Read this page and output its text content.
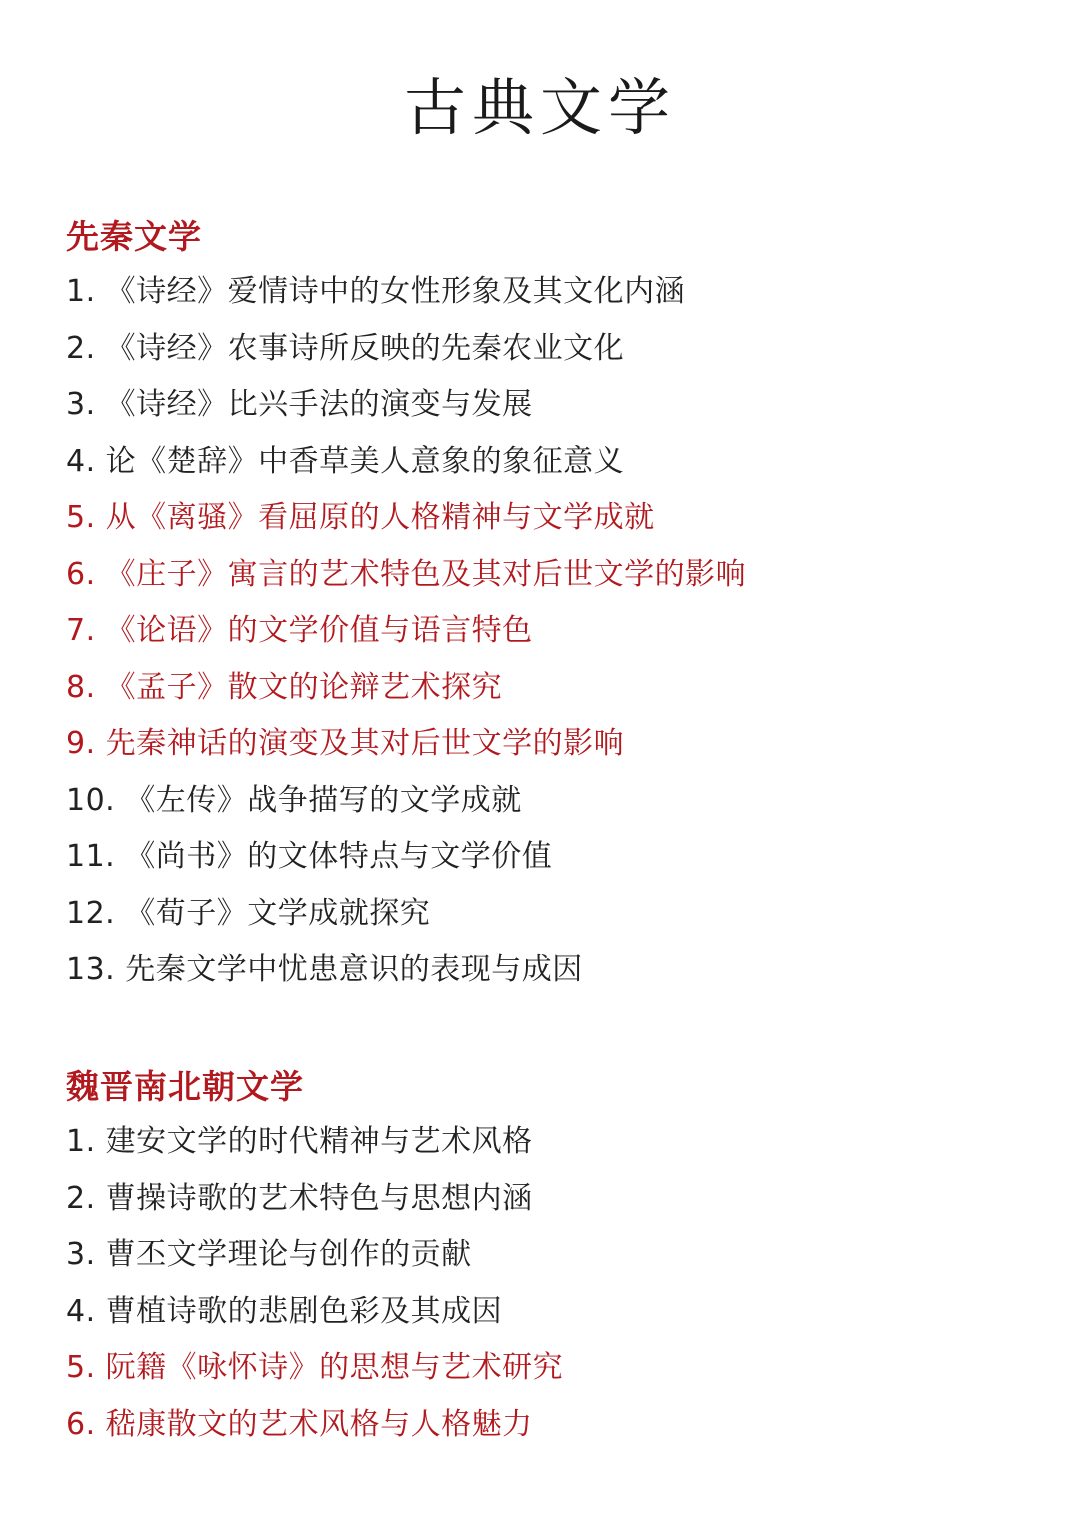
古典文学
先秦文学
1. 《诗经》爱情诗中的女性形象及其文化内涵
2. 《诗经》农事诗所反映的先秦农业文化
3. 《诗经》比兴手法的演变与发展
4. 论《楚辞》中香草美人意象的象征意义
5. 从《离骚》看屈原的人格精神与文学成就
6. 《庄子》寓言的艺术特色及其对后世文学的影响
7. 《论语》的文学价值与语言特色
8. 《孟子》散文的论辩艺术探究
9. 先秦神话的演变及其对后世文学的影响
10. 《左传》战争描写的文学成就
11. 《尚书》的文体特点与文学价值
12. 《荀子》文学成就探究
13. 先秦文学中忧患意识的表现与成因
魏晋南北朝文学
1. 建安文学的时代精神与艺术风格
2. 曹操诗歌的艺术特色与思想内涵
3. 曹丕文学理论与创作的贡献
4. 曹植诗歌的悲剧色彩及其成因
5. 阮籍《咏怀诗》的思想与艺术研究
6. 嵇康散文的艺术风格与人格魅力
